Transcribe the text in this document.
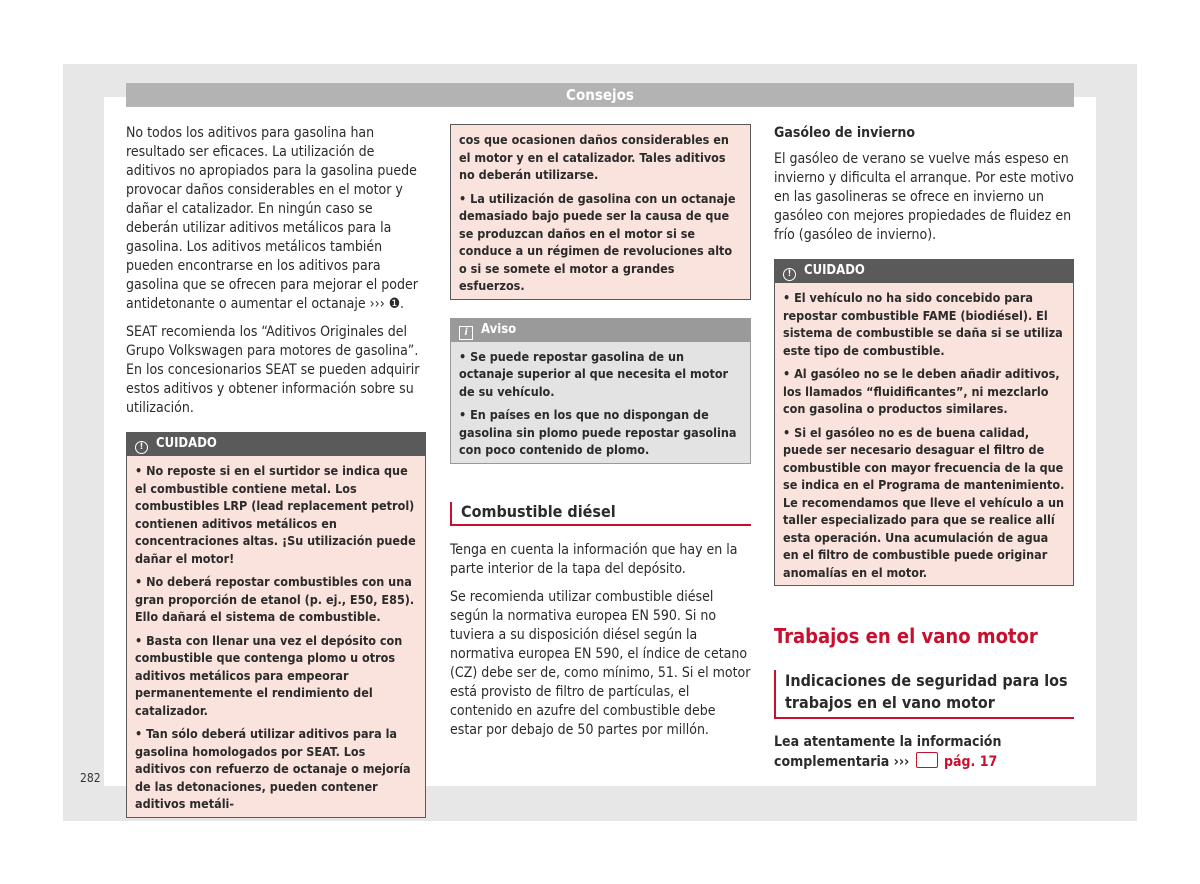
Consejos

No todos los aditivos para gasolina han resultado ser eficaces. La utilización de aditivos no apropiados para la gasolina puede provocar daños considerables en el motor y dañar el catalizador. En ningún caso se deberán utilizar aditivos metálicos para la gasolina. Los aditivos metálicos también pueden encontrarse en los aditivos para gasolina que se ofrecen para mejorar el poder antidetonante o aumentar el octanaje ››› ❶.

SEAT recomienda los “Aditivos Originales del Grupo Volkswagen para motores de gasolina”. En los concesionarios SEAT se pueden adquirir estos aditivos y obtener información sobre su utilización.

! CUIDADO

• No reposte si en el surtidor se indica que el combustible contiene metal. Los combustibles LRP (lead replacement petrol) contienen aditivos metálicos en concentraciones altas. ¡Su utilización puede dañar el motor!

• No deberá repostar combustibles con una gran proporción de etanol (p. ej., E50, E85). Ello dañará el sistema de combustible.

• Basta con llenar una vez el depósito con combustible que contenga plomo u otros aditivos metálicos para empeorar permanentemente el rendimiento del catalizador.

• Tan sólo deberá utilizar aditivos para la gasolina homologados por SEAT. Los aditivos con refuerzo de octanaje o mejoría de las detonaciones, pueden contener aditivos metáli-

cos que ocasionen daños considerables en el motor y en el catalizador. Tales aditivos no deberán utilizarse.

• La utilización de gasolina con un octanaje demasiado bajo puede ser la causa de que se produzcan daños en el motor si se conduce a un régimen de revoluciones alto o si se somete el motor a grandes esfuerzos.

i Aviso

• Se puede repostar gasolina de un octanaje superior al que necesita el motor de su vehículo.

• En países en los que no dispongan de gasolina sin plomo puede repostar gasolina con poco contenido de plomo.

Combustible diésel

Tenga en cuenta la información que hay en la parte interior de la tapa del depósito.

Se recomienda utilizar combustible diésel según la normativa europea EN 590. Si no tuviera a su disposición diésel según la normativa europea EN 590, el índice de cetano (CZ) debe ser de, como mínimo, 51. Si el motor está provisto de filtro de partículas, el contenido en azufre del combustible debe estar por debajo de 50 partes por millón.

Gasóleo de invierno

El gasóleo de verano se vuelve más espeso en invierno y dificulta el arranque. Por este motivo en las gasolineras se ofrece en invierno un gasóleo con mejores propiedades de fluidez en frío (gasóleo de invierno).

! CUIDADO

• El vehículo no ha sido concebido para repostar combustible FAME (biodiésel). El sistema de combustible se daña si se utiliza este tipo de combustible.

• Al gasóleo no se le deben añadir aditivos, los llamados “fluidificantes”, ni mezclarlo con gasolina o productos similares.

• Si el gasóleo no es de buena calidad, puede ser necesario desaguar el filtro de combustible con mayor frecuencia de la que se indica en el Programa de mantenimiento. Le recomendamos que lleve el vehículo a un taller especializado para que se realice allí esta operación. Una acumulación de agua en el filtro de combustible puede originar anomalías en el motor.

Trabajos en el vano motor
Indicaciones de seguridad para los trabajos en el vano motor
Lea atentamente la información complementaria ››› pág. 17
282
